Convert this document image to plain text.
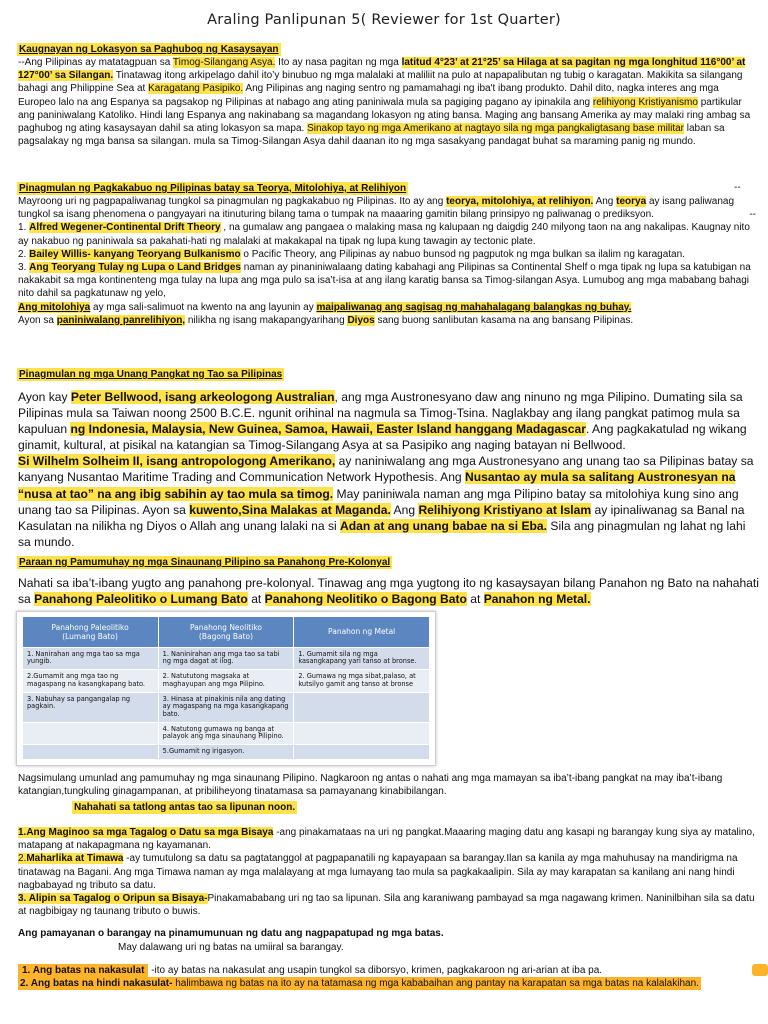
Araling Panlipunan 5( Reviewer for 1st Quarter)
Kaugnayan ng Lokasyon sa Paghubog ng Kasaysayan
--Ang Pilipinas ay matatagpuan sa Timog-Silangang Asya. Ito ay nasa pagitan ng mga latitud 4°23’ at 21°25’ sa Hilaga at sa pagitan ng mga longhitud 116°00’ at 127°00’ sa Silangan. Tinatawag itong arkipelago dahil ito’y binubuo ng mga malalaki at maliliit na pulo at napapalibutan ng tubig o karagatan. Makikita sa silangang bahagi ang Philippine Sea at Karagatang Pasipiko. Ang Pilipinas ang naging sentro ng pamamahagi ng iba't ibang produkto. Dahil dito, nagka interes ang mga Europeo lalo na ang Espanya sa pagsakop ng Pilipinas at nabago ang ating paniniwala mula sa pagiging pagano ay ipinakila ang relihiyong Kristiyanismo partikular ang paniniwalang Katoliko. Hindi lang Espanya ang nakinabang sa magandang lokasyon ng ating bansa. Maging ang bansang Amerika ay may malaki ring ambag sa paghubog ng ating kasaysayan dahil sa ating lokasyon sa mapa. Sinakop tayo ng mga Amerikano at nagtayo sila ng mga pangkaligtasang base militar laban sa pagsalakay ng mga bansa sa silangan. mula sa Timog-Silangan Asya dahil daanan ito ng mga sasakyang pandagat buhat sa maraming panig ng mundo.
Pinagmulan ng Pagkakabuo ng Pilipinas batay sa Teorya, Mitolohiya, at Relihiyon	--
Mayroong uri ng pagpapaliwanag tungkol sa pinagmulan ng pagkakabuo ng Pilipinas. Ito ay ang teorya, mitolohiya, at relihiyon. Ang teorya ay isang paliwanag tungkol sa isang phenomena o pangyayari na itinuturing bilang tama o tumpak na maaaring gamitin bilang prinsipyo ng paliwanag o prediksyon.	--

1. Alfred Wegener-Continental Drift Theory , na gumalaw ang pangaea o malaking masa ng kalupaan ng daigdig 240 milyong taon na ang nakalipas. Kaugnay nito ay nakabuo ng paniniwala sa pakahati-hati ng malalaki at makakapal na tipak ng lupa kung tawagin ay tectonic plate.
2. Bailey Willis- kanyang Teoryang Bulkanismo o Pacific Theory, ang Pilipinas ay nabuo bunsod ng pagputok ng mga bulkan sa ilalim ng karagatan.
3. Ang Teoryang Tulay ng Lupa o Land Bridges naman ay pinaniniwalaang dating kabahagi ang Pilipinas sa Continental Shelf o mga tipak ng lupa sa katubigan na nakakabit sa mga kontinenteng mga tulay na lupa ang mga pulo sa isa’t-isa at ang ilang karatig bansa sa Timog-silangan Asya. Lumubog ang mga mababang bahagi nito dahil sa pagkatunaw ng yelo,
Ang mitolohiya ay mga sali-salimuot na kwento na ang layunin ay maipaliwanag ang sagisag ng mahahalagang balangkas ng buhay.
Ayon sa paniniwalang panrelihiyon, nilikha ng isang makapangyarihang Diyos sang buong sanlibutan kasama na ang bansang Pilipinas.
Pinagmulan ng mga Unang Pangkat ng Tao sa Pilipinas
Ayon kay Peter Bellwood, isang arkeologong Australian, ang mga Austronesyano daw ang ninuno ng mga Pilipino. Dumating sila sa Pilipinas mula sa Taiwan noong 2500 B.C.E. ngunit orihinal na nagmula sa Timog-Tsina. Naglakbay ang ilang pangkat patimog mula sa kapuluan ng Indonesia, Malaysia, New Guinea, Samoa, Hawaii, Easter Island hanggang Madagascar. Ang pagkakatulad ng wikang ginamit, kultural, at pisikal na katangian sa Timog-Silangang Asya at sa Pasipiko ang naging batayan ni Bellwood.
Si Wilhelm Solheim II, isang antropologong Amerikano, ay naniniwalang ang mga Austronesyano ang unang tao sa Pilipinas batay sa kanyang Nusantao Maritime Trading and Communication Network Hypothesis. Ang Nusantao ay mula sa salitang Austronesyan na “nusa at tao” na ang ibig sabihin ay tao mula sa timog. May paniniwala naman ang mga Pilipino batay sa mitolohiya kung sino ang unang tao sa Pilipinas. Ayon sa kuwento,Sina Malakas at Maganda. Ang Relihiyong Kristiyano at Islam ay ipinaliwanag sa Banal na Kasulatan na nilikha ng Diyos o Allah ang unang lalaki na si Adan at ang unang babae na si Eba. Sila ang pinagmulan ng lahat ng lahi sa mundo.
Paraan ng Pamumuhay ng mga Sinaunang Pilipino sa Panahong Pre-Kolonyal
Nahati sa iba’t-ibang yugto ang panahong pre-kolonyal. Tinawag ang mga yugtong ito ng kasaysayan bilang Panahon ng Bato na nahahati sa Panahong Paleolitiko o Lumang Bato at Panahong Neolitiko o Bagong Bato at Panahon ng Metal.
Panahong Paleolitiko
(Lumang Bato)	Panahong Neolitiko
(Bagong Bato)	Panahon ng Metal
1. Nanirahan ang mga tao sa mga yungib.	1. Naninirahan ang mga tao sa tabi ng mga dagat at ilog.	1. Gumamit sila ng mga kasangkapang yari tanso at bronse.
2.Gumamit ang mga tao ng magaspang na kasangkapang bato.	2. Natututong magsaka at maghayupan ang mga Pilipino.	2. Gumawa ng mga sibat,palaso, at kutsilyo gamit ang tanso at bronse
3. Nabuhay sa pangangalap ng pagkain.	3. Hinasa at pinakinis nila ang dating ay magaspang na mga kasangkapang bato.	
	4. Natutong gumawa ng banga at palayok ang mga sinaunang Pilipino.	
	5.Gumamit ng irigasyon.	
Nagsimulang umunlad ang pamumuhay ng mga sinaunang Pilipino. Nagkaroon ng antas o nahati ang mga mamayan sa iba’t-ibang pangkat na may iba’t-ibang katangian,tungkuling ginagampanan, at pribiliheyong tinatamasa sa pamayanang kinabibilangan.
Nahahati sa tatlong antas tao sa lipunan noon.
1.Ang Maginoo sa mga Tagalog o Datu sa mga Bisaya -ang pinakamataas na uri ng pangkat.Maaaring maging datu ang kasapi ng barangay kung siya ay matalino, matapang at nakapagmana ng kayamanan.
2.Maharlika at Timawa -ay tumutulong sa datu sa pagtatanggol at pagpapanatili ng kapayapaan sa barangay.Ilan sa kanila ay mga mahuhusay na mandirigma na tinatawag na Bagani. Ang mga Timawa naman ay mga malalayang at mga lumayang tao mula sa pagkakaalipin. Sila ay may karapatan sa kanilang ani nang hindi nagbabayad ng tributo sa datu.
3. Alipin sa Tagalog o Oripun sa Bisaya-Pinakamababang uri ng tao sa lipunan. Sila ang karaniwang pambayad sa mga nagawang krimen. Naninilbihan sila sa datu at nagbibigay ng taunang tributo o buwis.
Ang pamayanan o barangay na pinamumunuan ng datu ang nagpapatupad ng mga batas.
May dalawang uri ng batas na umiiral sa barangay.
1. Ang batas na nakasulat -ito ay batas na nakasulat ang usapin tungkol sa diborsyo, krimen, pagkakaroon ng ari-arian at iba pa.
2. Ang batas na hindi nakasulat- halimbawa ng batas na ito ay na tatamasa ng mga kababaihan ang pantay na karapatan sa mga batas na kalalakihan.
